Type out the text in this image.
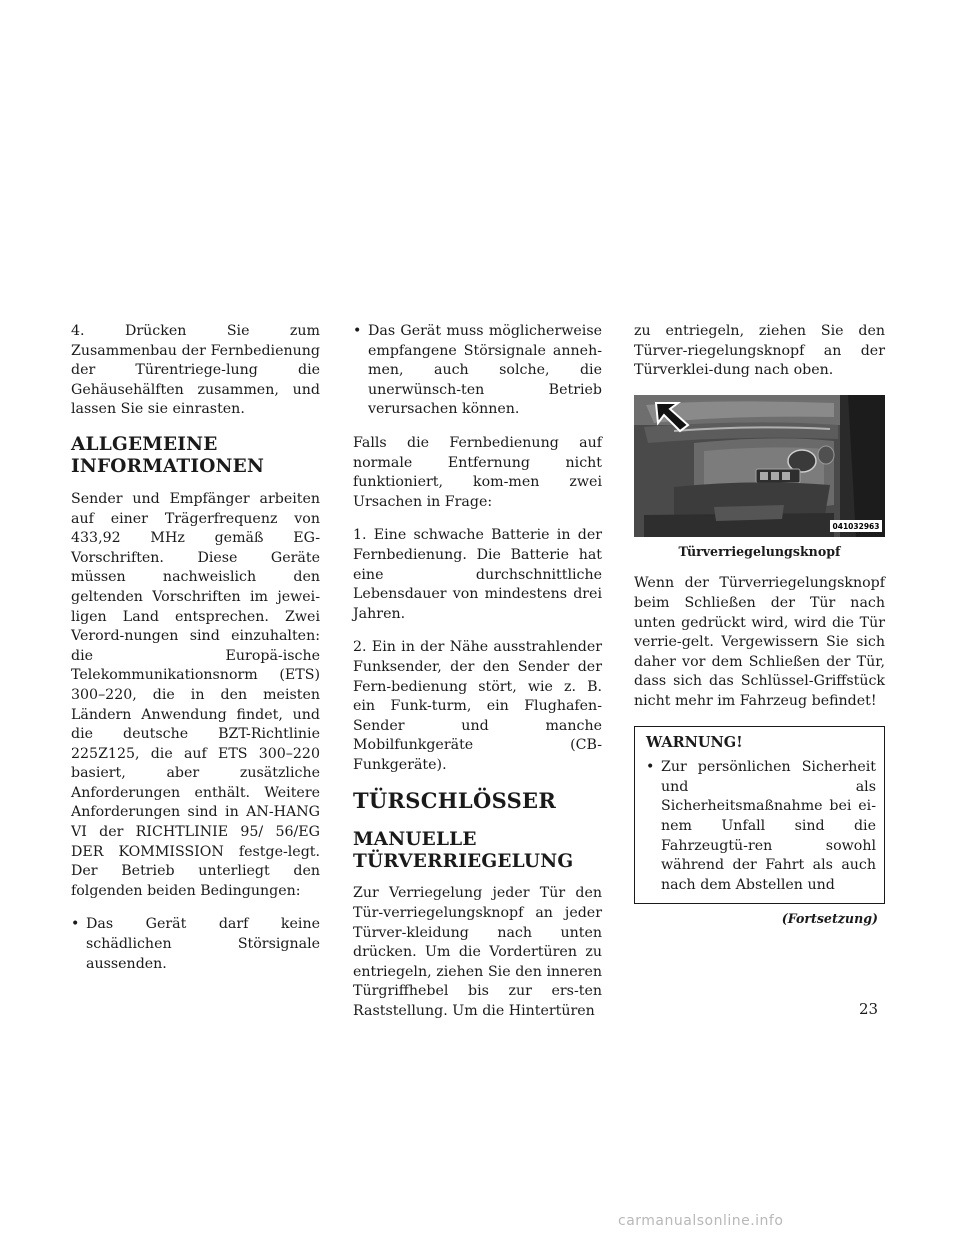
4. Drücken Sie zum Zusammenbau der Fernbedienung der Türentriege-lung die Gehäusehälften zusammen, und lassen Sie sie einrasten.

ALLGEMEINE
INFORMATIONEN

Sender und Empfänger arbeiten auf einer Trägerfrequenz von 433,92 MHz gemäß EG-Vorschriften. Diese Geräte müssen nachweislich den geltenden Vorschriften im jewei-ligen Land entsprechen. Zwei Verord-nungen sind einzuhalten: die Europä-ische Telekommunikationsnorm (ETS) 300–220, die in den meisten Ländern Anwendung findet, und die deutsche BZT-Richtlinie 225Z125, die auf ETS 300–220 basiert, aber zusätzliche Anforderungen enthält. Weitere Anforderungen sind in AN-HANG VI der RICHTLINIE 95/ 56/EG DER KOMMISSION festge-legt. Der Betrieb unterliegt den folgenden beiden Bedingungen:

• Das Gerät darf keine schädlichen Störsignale aussenden.
• Das Gerät muss möglicherweise empfangene Störsignale anneh-men, auch solche, die unerwünsch-ten Betrieb verursachen können.

Falls die Fernbedienung auf normale Entfernung nicht funktioniert, kom-men zwei Ursachen in Frage:

1. Eine schwache Batterie in der Fernbedienung. Die Batterie hat eine durchschnittliche Lebensdauer von mindestens drei Jahren.

2. Ein in der Nähe ausstrahlender Funksender, der den Sender der Fern-bedienung stört, wie z. B. ein Funk-turm, ein Flughafen-Sender und manche Mobilfunkgeräte (CB-Funkgeräte).

TÜRSCHLÖSSER
MANUELLE
TÜRVERRIEGELUNG

Zur Verriegelung jeder Tür den Tür-verriegelungsknopf an jeder Türver-kleidung nach unten drücken. Um die Vordertüren zu entriegeln, ziehen Sie den inneren Türgriffhebel bis zur ers-ten Raststellung. Um die Hintertüren

zu entriegeln, ziehen Sie den Türver-riegelungsknopf an der Türverklei-dung nach oben.

041032963
Türverriegelungsknopf

Wenn der Türverriegelungsknopf beim Schließen der Tür nach unten gedrückt wird, wird die Tür verrie-gelt. Vergewissern Sie sich daher vor dem Schließen der Tür, dass sich das Schlüssel-Griffstück nicht mehr im Fahrzeug befindet!

WARNUNG!
• Zur persönlichen Sicherheit und als Sicherheitsmaßnahme bei ei-nem Unfall sind die Fahrzeugtü-ren sowohl während der Fahrt als auch nach dem Abstellen und
(Fortsetzung)
23
carmanualsonline.info
